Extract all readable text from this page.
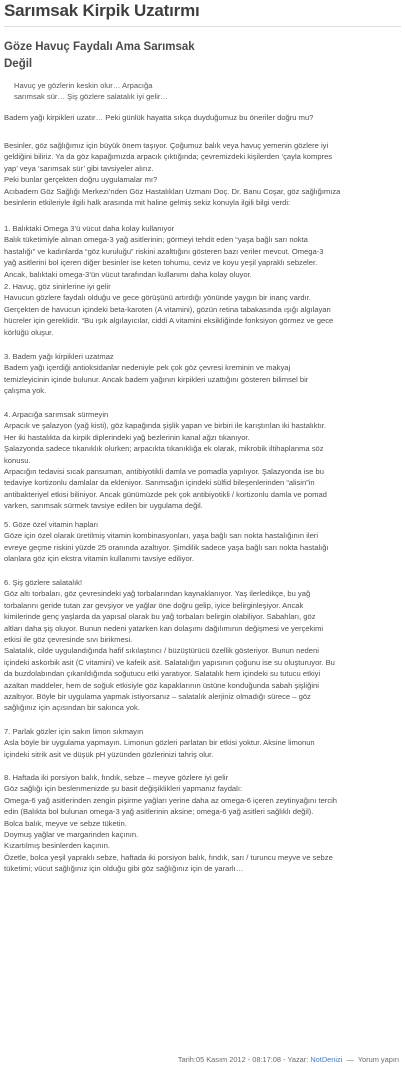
Sarımsak Kirpik Uzatırmı
Göze Havuç Faydalı Ama Sarımsak
Değil

Havuç ye gözlerin keskin olur… Arpacığa

sarımsak sür… Şiş gözlere salatalık iyi gelir…

Badem yağı kirpikleri uzatır… Peki günlük hayatta sıkça duyduğumuz bu öneriler doğru mu?

Besinler, göz sağlığımız için büyük önem taşıyor. Çoğumuz balık veya havuç yemenin gözlere iyi

geldiğini biliriz. Ya da göz kapağımızda arpacık çıktığında; çevremizdeki kişilerden ‘çayla kompres

yap’ veya ‘sarımsak sür’ gibi tavsiyeler alırız.

Peki bunlar gerçekten doğru uygulamalar mı?

Acıbadem Göz Sağlığı Merkezi’nden Göz Hastalıkları Uzmanı Doç. Dr. Banu Coşar, göz sağlığımıza

besinlerin etkileriyle ilgili halk arasında mit haline gelmiş sekiz konuyla ilgili bilgi verdi:

1. Balıktaki Omega 3’ü vücut daha kolay kullanıyor

Balık tüketimiyle alınan omega-3 yağ asitlerinin; görmeyi tehdit eden “yaşa bağlı sarı nokta

hastalığı” ve kadınlarda “göz kuruluğu” riskini azalttığını gösteren bazı veriler mevcut. Omega-3

yağ asitlerini bol içeren diğer besinler ise keten tohumu, ceviz ve koyu yeşil yapraklı sebzeler.

Ancak, balıktaki omega-3’ün vücut tarafından kullanımı daha kolay oluyor.

2. Havuç, göz sinirlerine iyi gelir

Havucun gözlere faydalı olduğu ve gece görüşünü artırdığı yönünde yaygın bir inanç vardır.

Gerçekten de havucun içindeki beta-karoten (A vitamini), gözün retina tabakasında ışığı algılayan

hücreler için gereklidir. “Bu ışık algılayıcılar, ciddi A vitamini eksikliğinde fonksiyon görmez ve gece

körlüğü oluşur.

3. Badem yağı kirpikleri uzatmaz

Badem yağı içerdiği antioksidanlar nedeniyle pek çok göz çevresi kreminin ve makyaj

temizleyicinin içinde bulunur. Ancak badem yağının kirpikleri uzattığını gösteren bilimsel bir

çalışma yok.

4. Arpacığa sarımsak sürmeyin

Arpacık ve şalazyon (yağ kisti), göz kapağında şişlik yapan ve birbiri ile karıştırılan iki hastalıktır.

Her iki hastalıkta da kirpik diplerindeki yağ bezlerinin kanal ağzı tıkanıyor.

Şalazyonda sadece tıkanıklık olurken; arpacıkta tıkanıklığa ek olarak, mikrobik iltihaplanma söz

konusu.

Arpacığın tedavisi sıcak pansuman, antibiyotikli damla ve pomadla yapılıyor. Şalazyonda ise bu

tedaviye kortizonlu damlalar da ekleniyor. Sarımsağın içindeki sülfid bileşenlerinden “alisin”in

antibakteriyel etkisi biliniyor. Ancak günümüzde pek çok antibiyotikli / kortizonlu damla ve pomad

varken, sarımsak sürmek tavsiye edilen bir uygulama değil.

5. Göze özel vitamin hapları

Göze için özel olarak üretilmiş vitamin kombinasyonları, yaşa bağlı sarı nokta hastalığının ileri

evreye geçme riskini yüzde 25 oranında azaltıyor. Şimdilik sadece yaşa bağlı sarı nokta hastalığı

olanlara göz için ekstra vitamin kullanımı tavsiye ediliyor.

6. Şiş gözlere salatalık!

Göz altı torbaları, göz çevresindeki yağ torbalarından kaynaklanıyor. Yaş ilerledikçe, bu yağ

torbalarını geride tutan zar gevşiyor ve yağlar öne doğru gelip, iyice belirginleşiyor. Ancak

kimilerinde genç yaşlarda da yapısal olarak bu yağ torbaları belirgin olabiliyor. Sabahları, göz

altları daha şiş oluyor. Bunun nedeni yatarken kan dolaşımı dağılımının değişmesi ve yerçekimi

etkisi ile göz çevresinde sıvı birikmesi.

Salatalık, cilde uygulandığında hafif sıkılaştırıcı / büzüştürücü özellik gösteriyor. Bunun nedeni

içindeki askorbik asit (C vitamini) ve kafeik asit. Salatalığın yapısının çoğunu ise su oluşturuyor. Bu

da buzdolabından çıkarıldığında soğutucu etki yaratıyor. Salatalık hem içindeki su tutucu etkiyi

azaltan maddeler, hem de soğuk etkisiyle göz kapaklarının üstüne konduğunda sabah şişliğini

azaltıyor. Böyle bir uygulama yapmak istiyorsanız – salatalık alerjiniz olmadığı sürece – göz

sağlığınız için açısından bir sakınca yok.

7. Parlak gözler için sakın limon sıkmayın

Asla böyle bir uygulama yapmayın. Limonun gözleri parlatan bir etkisi yoktur. Aksine limonun

içindeki sitrik asit ve düşük pH yüzünden gözlerinizi tahriş olur.

8. Haftada iki porsiyon balık, fındık, sebze – meyve gözlere iyi gelir

Göz sağlığı için beslenmenizde şu basit değişiklikleri yapmanız faydalı:

Omega-6 yağ asitlerinden zengin pişirme yağları yerine daha az omega-6 içeren zeytinyağını tercih

edin (Balıkta bol bulunan omega-3 yağ asitlerinin aksine; omega-6 yağ asitleri sağlıklı değil).

Bolca balık, meyve ve sebze tüketin.

Doymuş yağlar ve margarinden kaçının.

Kızartılmış besinlerden kaçının.

Özetle, bolca yeşil yapraklı sebze, haftada iki porsiyon balık, fındık, sarı / turuncu meyve ve sebze

tüketimi; vücut sağlığınız için olduğu gibi göz sağlığınız için de yararlı…

Tarih:05 Kasım 2012 - 08:17:08 - Yazar: NotDenizi — Yorum yapın
